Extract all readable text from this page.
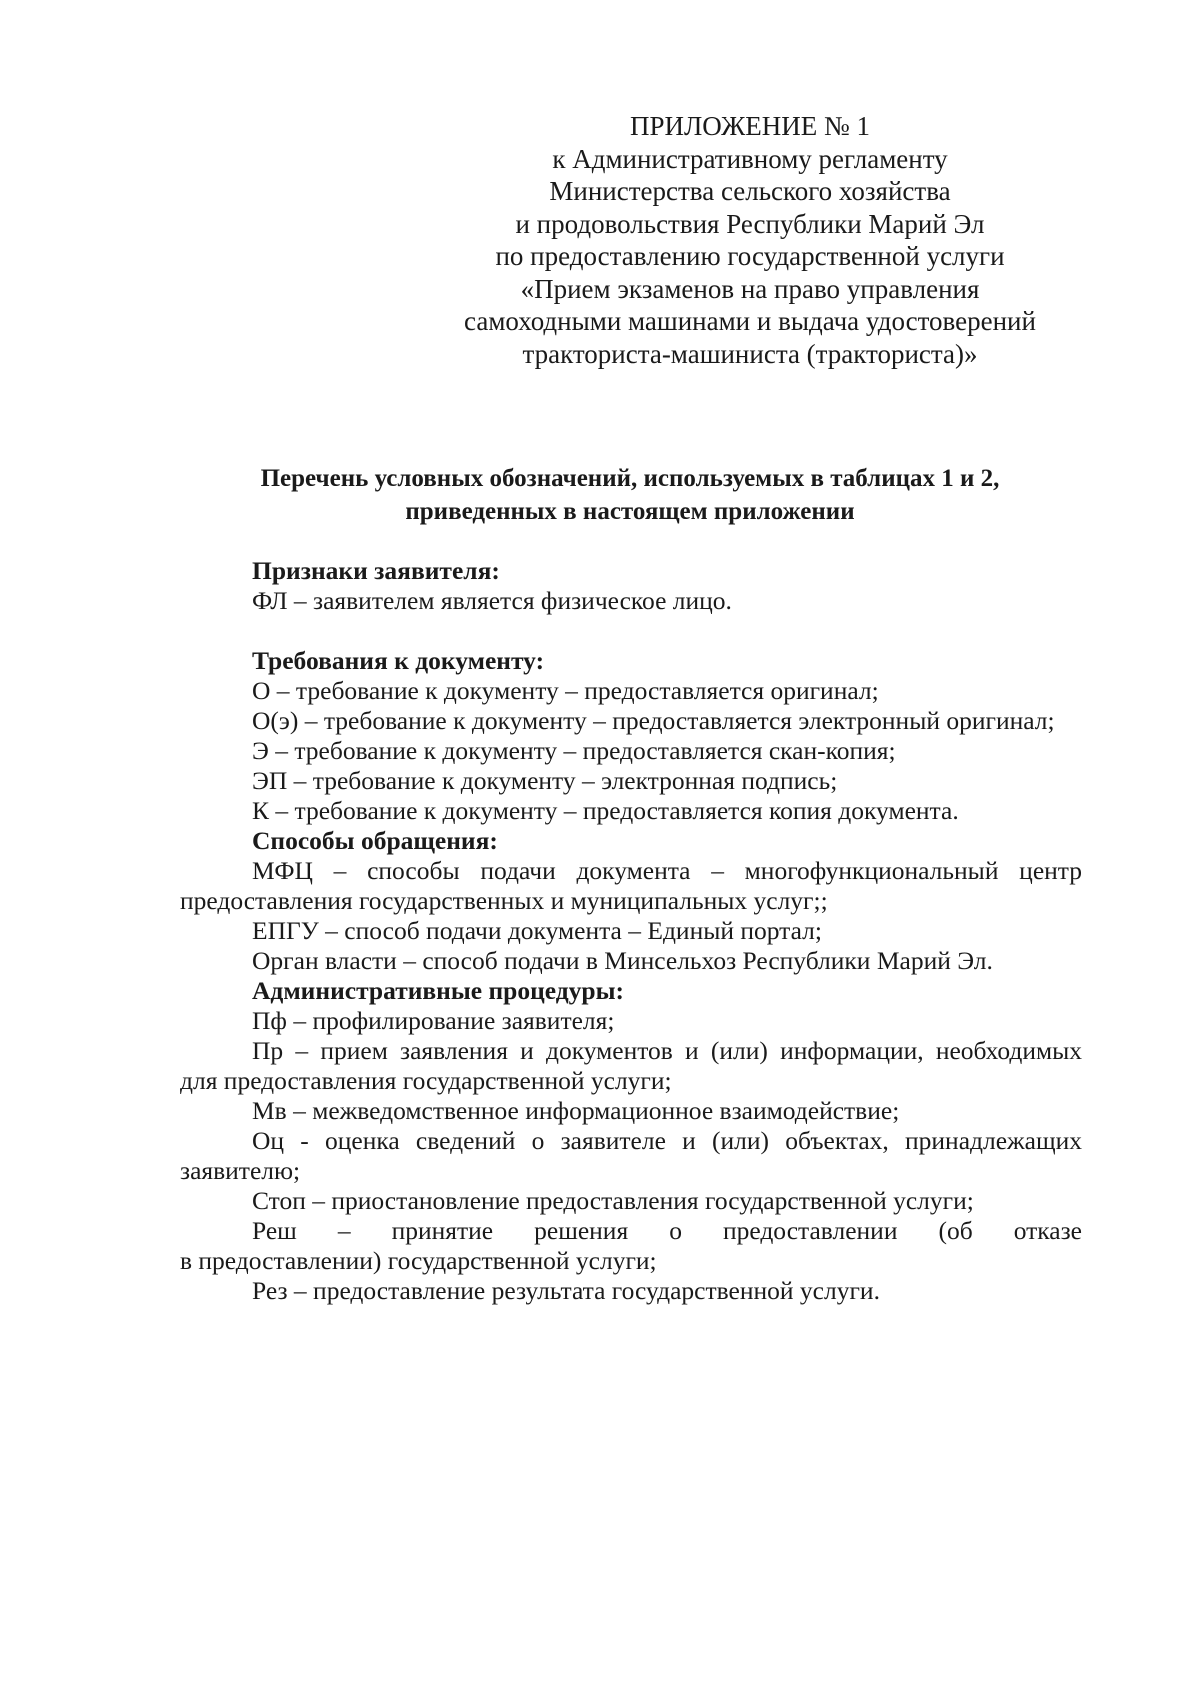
ПРИЛОЖЕНИЕ № 1
к Административному регламенту
Министерства сельского хозяйства
и продовольствия Республики Марий Эл
по предоставлению государственной услуги
«Прием экзаменов на право управления
самоходными машинами и выдача удостоверений
тракториста-машиниста (тракториста)»
Перечень условных обозначений, используемых в таблицах 1 и 2,
приведенных в настоящем приложении
Признаки заявителя:
ФЛ – заявителем является физическое лицо.
Требования к документу:
О – требование к документу – предоставляется оригинал;
О(э) – требование к документу – предоставляется электронный оригинал;
Э – требование к документу – предоставляется скан-копия;
ЭП – требование к документу – электронная подпись;
К – требование к документу – предоставляется копия документа.
Способы обращения:
МФЦ – способы подачи документа – многофункциональный центр
предоставления государственных и муниципальных услуг;;
ЕПГУ – способ подачи документа – Единый портал;
Орган власти – способ подачи в Минсельхоз Республики Марий Эл.
Административные процедуры:
Пф – профилирование заявителя;
Пр – прием заявления и документов и (или) информации, необходимых
для предоставления государственной услуги;
Мв – межведомственное информационное взаимодействие;
Оц - оценка сведений о заявителе и (или) объектах, принадлежащих
заявителю;
Стоп – приостановление предоставления государственной услуги;
Реш – принятие решения о предоставлении (об отказе
в предоставлении) государственной услуги;
Рез – предоставление результата государственной услуги.
